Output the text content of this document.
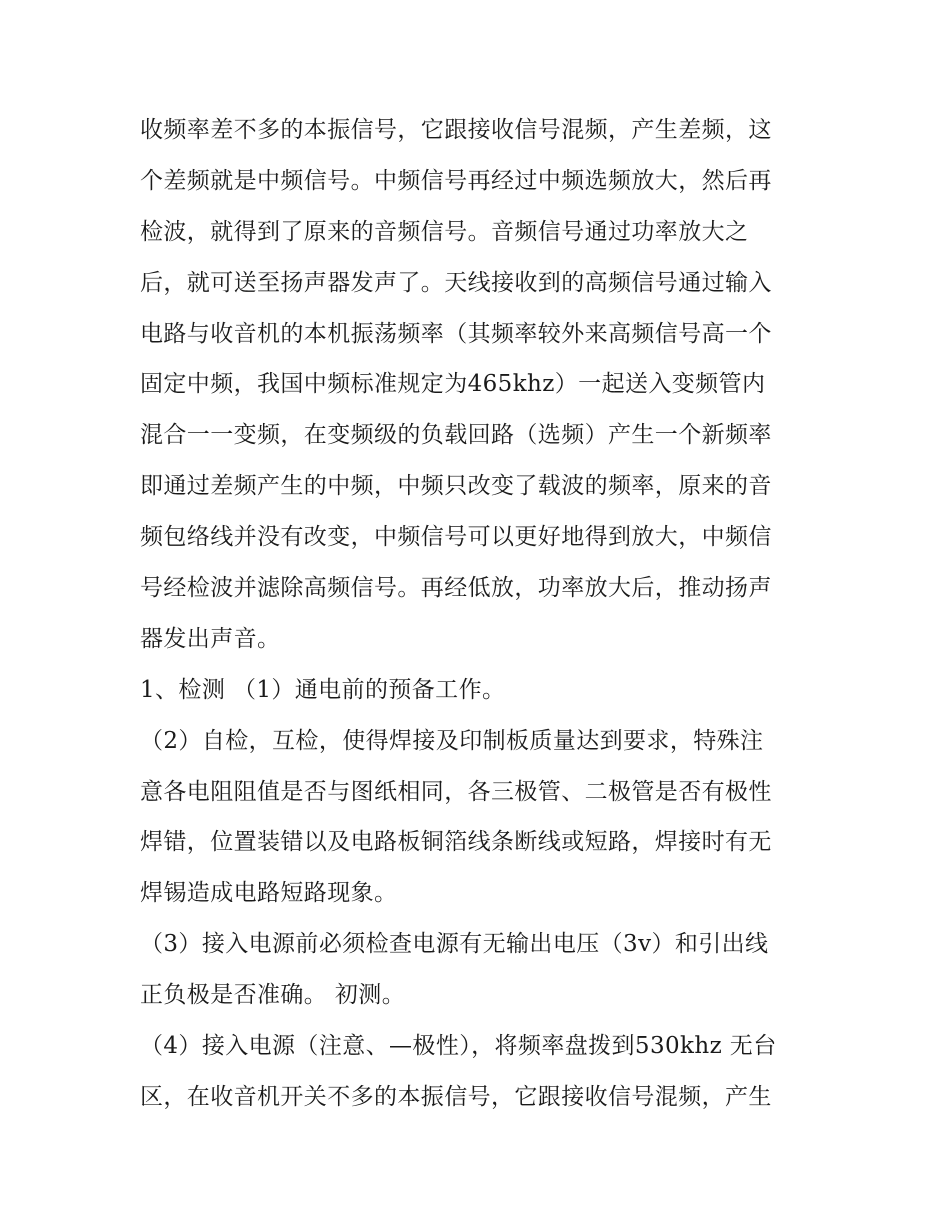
收频率差不多的本振信号，它跟接收信号混频，产生差频，这
个差频就是中频信号。中频信号再经过中频选频放大，然后再
检波，就得到了原来的音频信号。音频信号通过功率放大之
后，就可送至扬声器发声了。天线接收到的高频信号通过输入
电路与收音机的本机振荡频率（其频率较外来高频信号高一个
固定中频，我国中频标准规定为465khz）一起送入变频管内
混合一一变频，在变频级的负载回路（选频）产生一个新频率
即通过差频产生的中频，中频只改变了载波的频率，原来的音
频包络线并没有改变，中频信号可以更好地得到放大，中频信
号经检波并滤除高频信号。再经低放，功率放大后，推动扬声
器发出声音。
1、检测 （1）通电前的预备工作。
（2）自检，互检，使得焊接及印制板质量达到要求，特殊注
意各电阻阻值是否与图纸相同，各三极管、二极管是否有极性
焊错，位置装错以及电路板铜箔线条断线或短路，焊接时有无
焊锡造成电路短路现象。
（3）接入电源前必须检查电源有无输出电压（3v）和引出线
正负极是否准确。 初测。
（4）接入电源（注意、—极性），将频率盘拨到530khz 无台
区，在收音机开关不多的本振信号，它跟接收信号混频，产生
